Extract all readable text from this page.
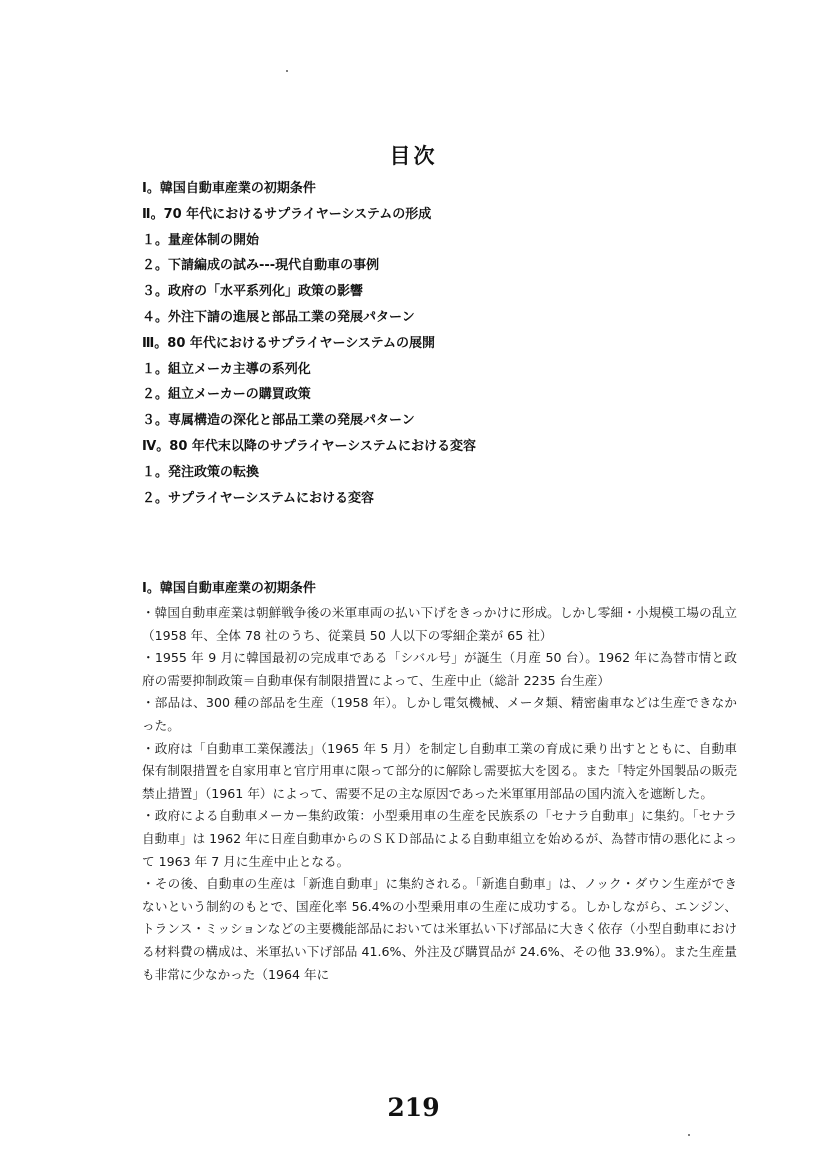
目次
Ⅰ。韓国自動車産業の初期条件
Ⅱ。70 年代におけるサプライヤーシステムの形成
１。量産体制の開始
２。下請編成の試み---現代自動車の事例
３。政府の「水平系列化」政策の影響
４。外注下請の進展と部品工業の発展パターン
Ⅲ。80 年代におけるサプライヤーシステムの展開
１。組立メーカ主導の系列化
２。組立メーカーの購買政策
３。専属構造の深化と部品工業の発展パターン
Ⅳ。80 年代末以降のサプライヤーシステムにおける変容
１。発注政策の転換
２。サプライヤーシステムにおける変容
Ⅰ。韓国自動車産業の初期条件

・韓国自動車産業は朝鮮戦争後の米軍車両の払い下げをきっかけに形成。しかし零細・小規模工場の乱立（1958 年、全体 78 社のうち、従業員 50 人以下の零細企業が 65 社）

・1955 年 9 月に韓国最初の完成車である「シバル号」が誕生（月産 50 台）。1962 年に為替市情と政府の需要抑制政策＝自動車保有制限措置によって、生産中止（総計 2235 台生産）

・部品は、300 種の部品を生産（1958 年）。しかし電気機械、メータ類、精密歯車などは生産できなかった。

・政府は「自動車工業保護法」（1965 年 5 月）を制定し自動車工業の育成に乗り出すとともに、自動車保有制限措置を自家用車と官庁用車に限って部分的に解除し需要拡大を図る。また「特定外国製品の販売禁止措置」（1961 年）によって、需要不足の主な原因であった米軍軍用部品の国内流入を遮断した。

・政府による自動車メーカー集約政策：小型乗用車の生産を民族系の「セナラ自動車」に集約。「セナラ自動車」は 1962 年に日産自動車からのＳＫＤ部品による自動車組立を始めるが、為替市情の悪化によって 1963 年 7 月に生産中止となる。

・その後、自動車の生産は「新進自動車」に集約される。「新進自動車」は、ノック・ダウン生産ができないという制約のもとで、国産化率 56.4%の小型乗用車の生産に成功する。しかしながら、エンジン、トランス・ミッションなどの主要機能部品においては米軍払い下げ部品に大きく依存（小型自動車における材料費の構成は、米軍払い下げ部品 41.6%、外注及び購買品が 24.6%、その他 33.9%）。また生産量も非常に少なかった（1964 年に

219
